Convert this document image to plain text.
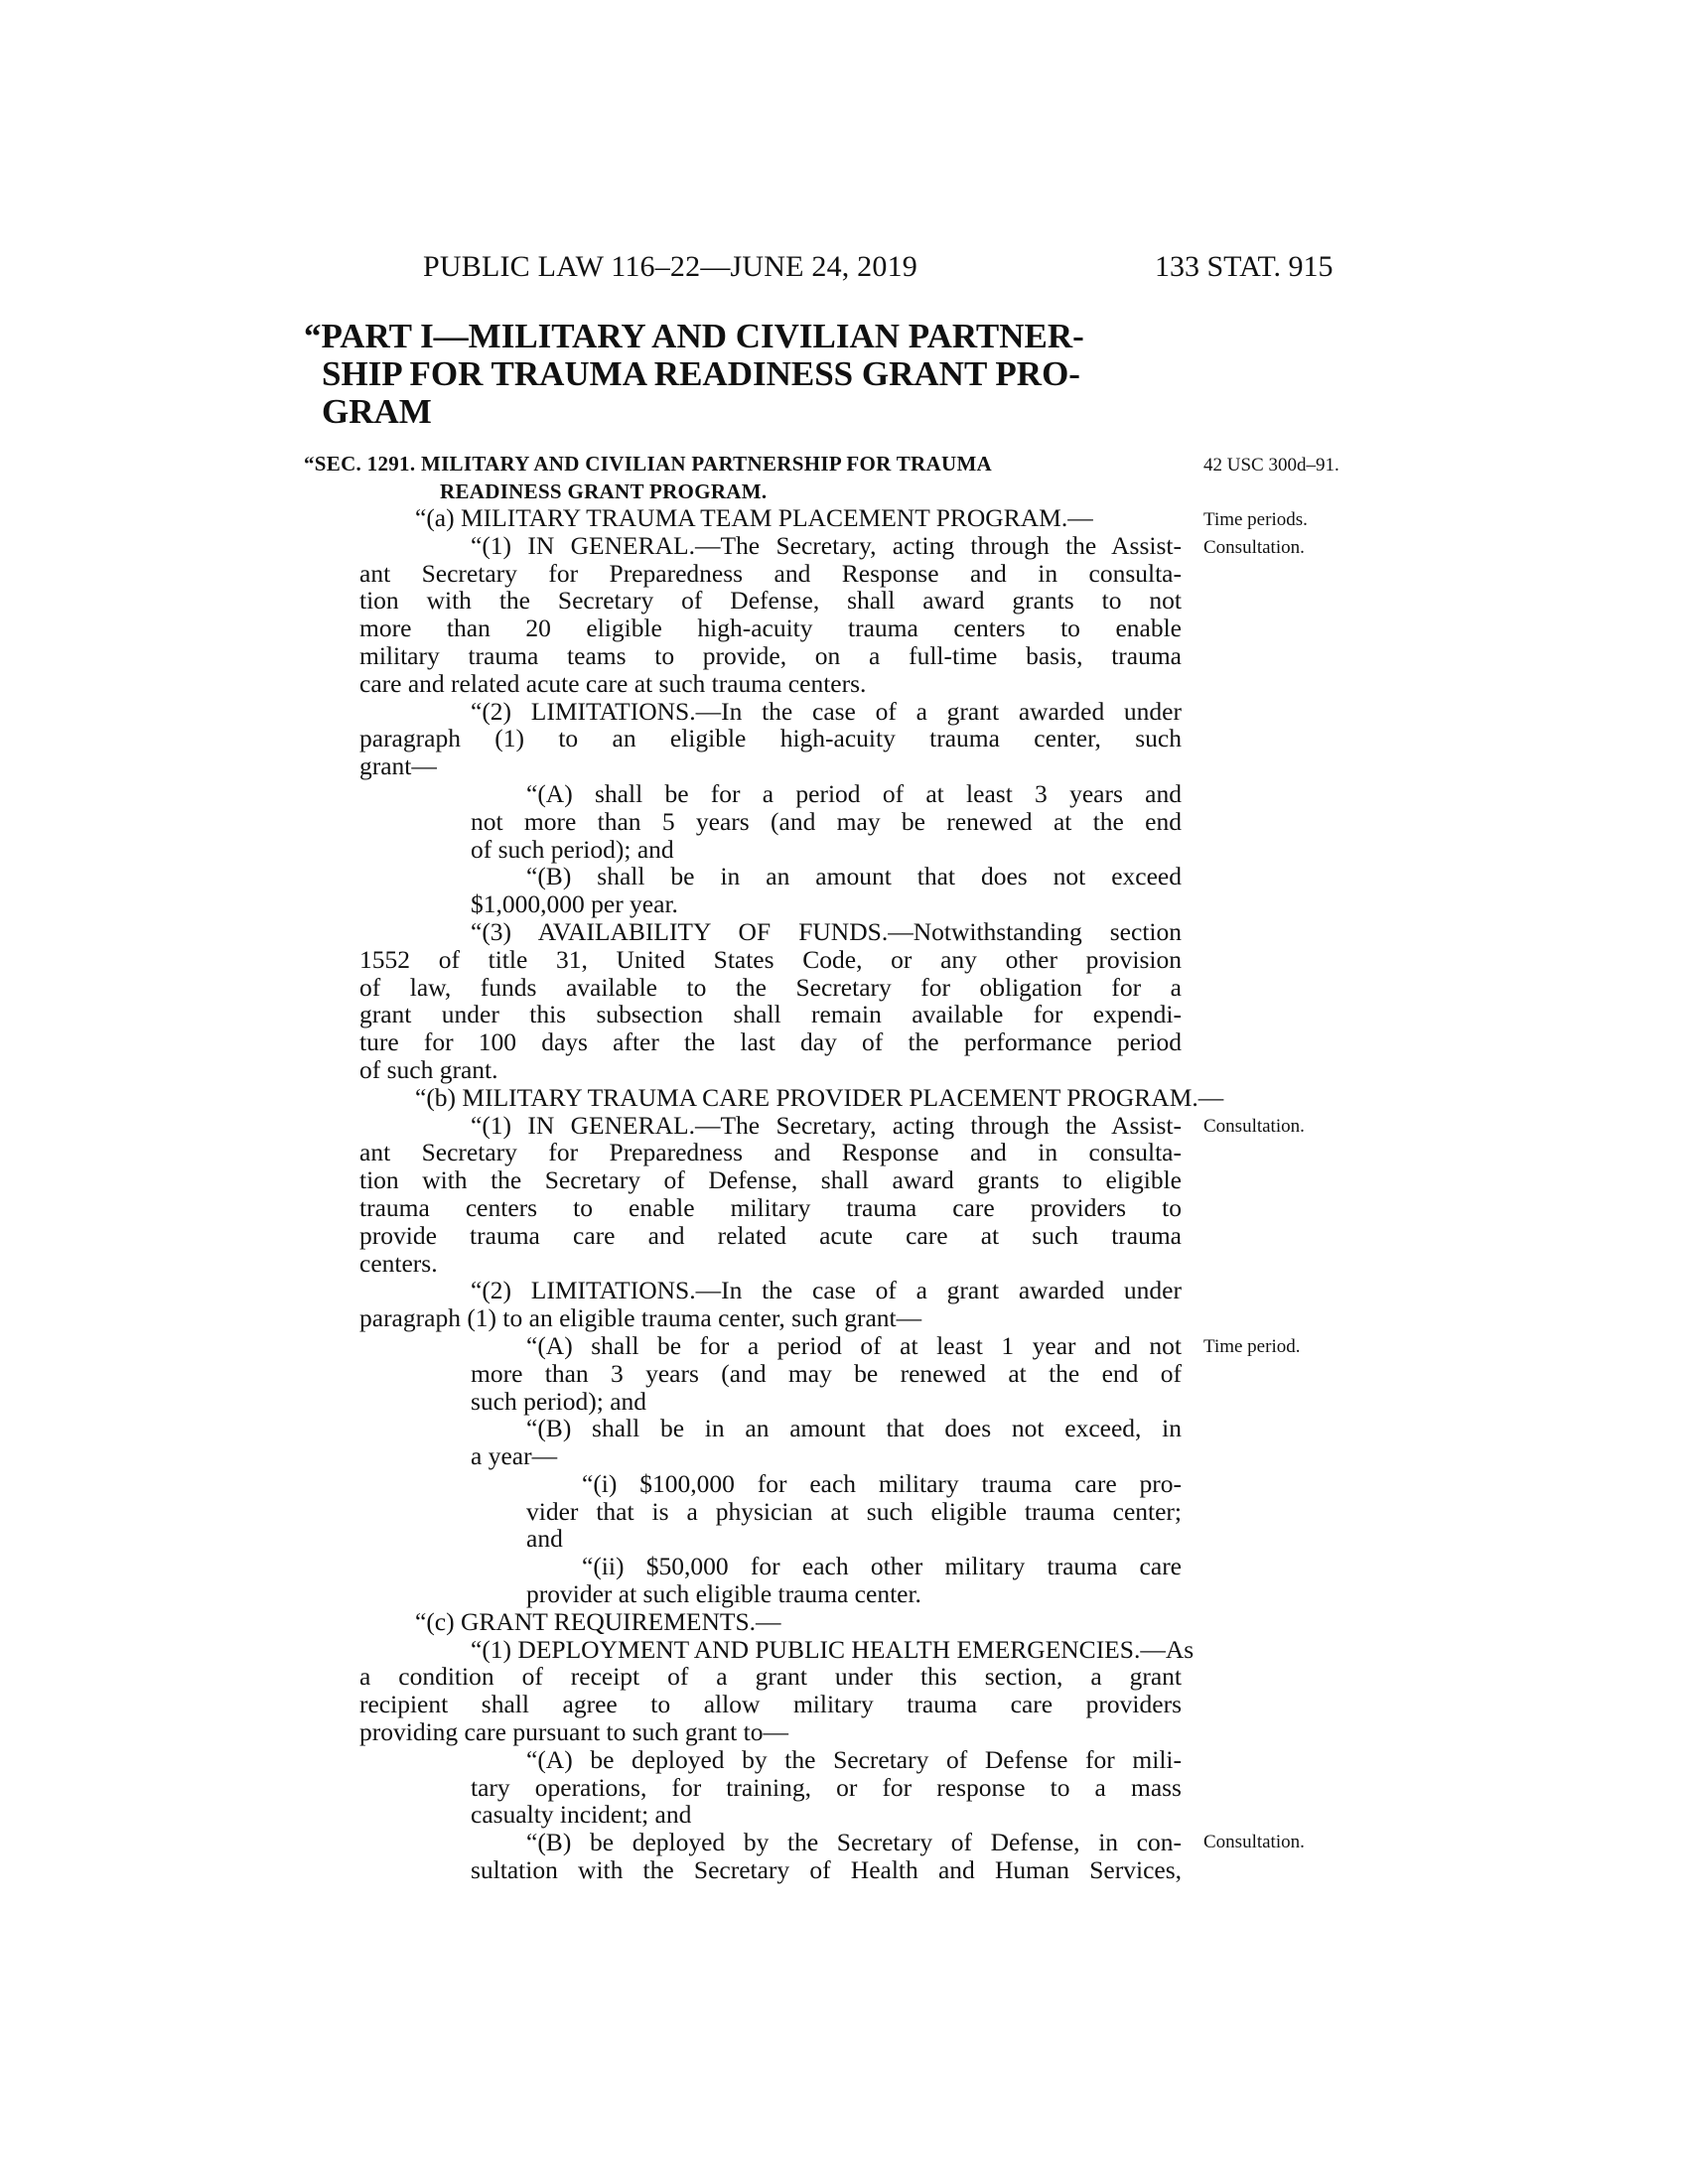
PUBLIC LAW 116–22—JUNE 24, 2019	133 STAT. 915
“PART I—MILITARY AND CIVILIAN PARTNER-
SHIP FOR TRAUMA READINESS GRANT PRO-
GRAM
“SEC. 1291. MILITARY AND CIVILIAN PARTNERSHIP FOR TRAUMA
READINESS GRANT PROGRAM.
42 USC 300d–91.
Time periods.
Consultation.
Consultation.
Time period.
Consultation.
“(a) MILITARY TRAUMA TEAM PLACEMENT PROGRAM.—
“(1) IN GENERAL.—The Secretary, acting through the Assist-
ant Secretary for Preparedness and Response and in consulta-
tion with the Secretary of Defense, shall award grants to not
more than 20 eligible high-acuity trauma centers to enable
military trauma teams to provide, on a full-time basis, trauma
care and related acute care at such trauma centers.
“(2) LIMITATIONS.—In the case of a grant awarded under
paragraph (1) to an eligible high-acuity trauma center, such
grant—
“(A) shall be for a period of at least 3 years and
not more than 5 years (and may be renewed at the end
of such period); and
“(B) shall be in an amount that does not exceed
$1,000,000 per year.
“(3) AVAILABILITY OF FUNDS.—Notwithstanding section
1552 of title 31, United States Code, or any other provision
of law, funds available to the Secretary for obligation for a
grant under this subsection shall remain available for expendi-
ture for 100 days after the last day of the performance period
of such grant.
“(b) MILITARY TRAUMA CARE PROVIDER PLACEMENT PROGRAM.—
“(1) IN GENERAL.—The Secretary, acting through the Assist-
ant Secretary for Preparedness and Response and in consulta-
tion with the Secretary of Defense, shall award grants to eligible
trauma centers to enable military trauma care providers to
provide trauma care and related acute care at such trauma
centers.
“(2) LIMITATIONS.—In the case of a grant awarded under
paragraph (1) to an eligible trauma center, such grant—
“(A) shall be for a period of at least 1 year and not
more than 3 years (and may be renewed at the end of
such period); and
“(B) shall be in an amount that does not exceed, in
a year—
“(i) $100,000 for each military trauma care pro-
vider that is a physician at such eligible trauma center;
and
“(ii) $50,000 for each other military trauma care
provider at such eligible trauma center.
“(c) GRANT REQUIREMENTS.—
“(1) DEPLOYMENT AND PUBLIC HEALTH EMERGENCIES.—As
a condition of receipt of a grant under this section, a grant
recipient shall agree to allow military trauma care providers
providing care pursuant to such grant to—
“(A) be deployed by the Secretary of Defense for mili-
tary operations, for training, or for response to a mass
casualty incident; and
“(B) be deployed by the Secretary of Defense, in con-
sultation with the Secretary of Health and Human Services,
